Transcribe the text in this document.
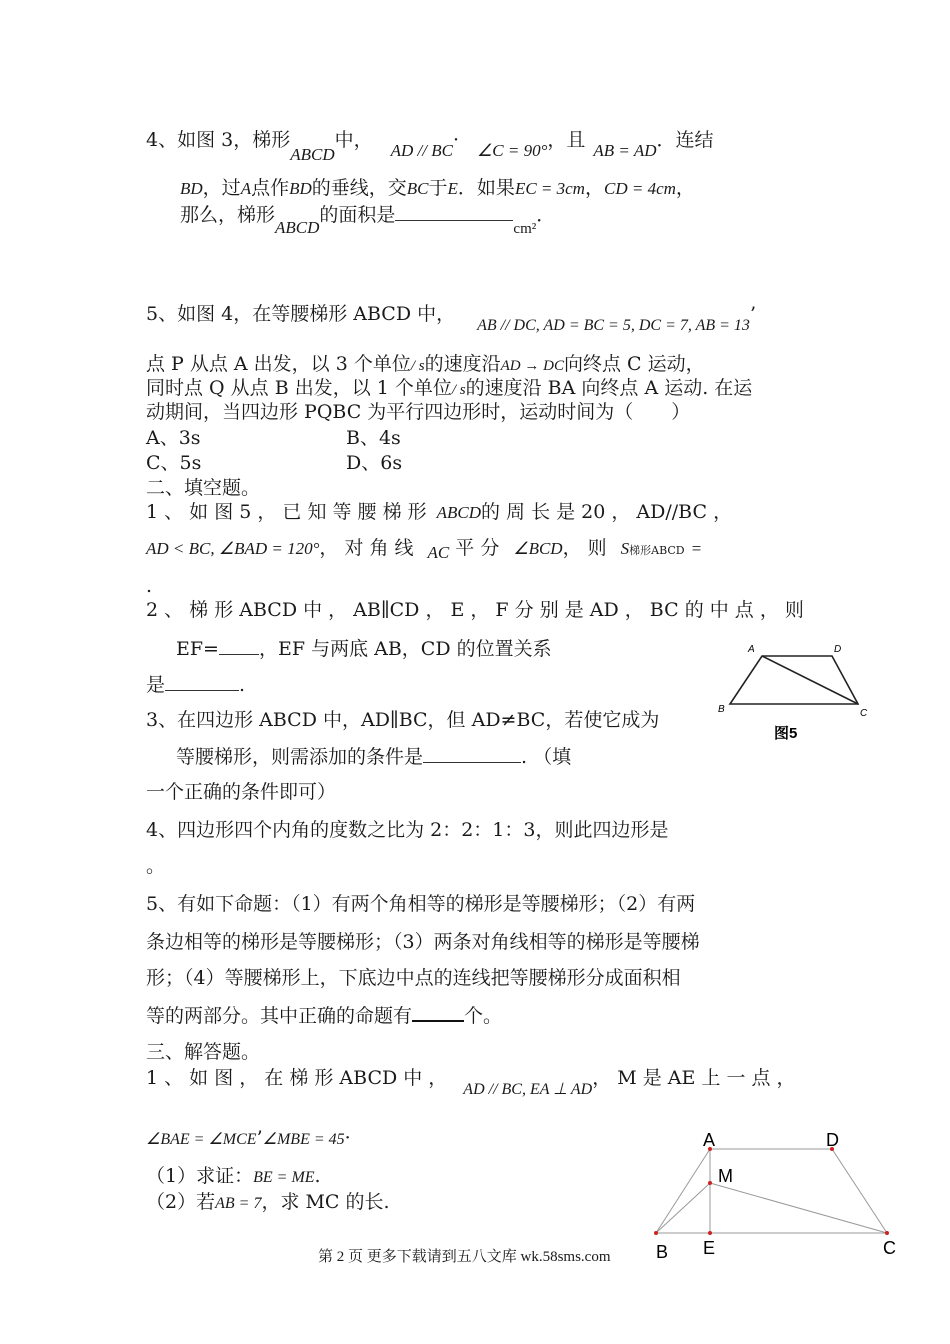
4、如图 3，梯形ABCD中， AD // BC· ∠C = 90°，且 AB = AD．连结
BD，过A点作BD的垂线，交BC于E．如果EC = 3cm，CD = 4cm，
那么，梯形ABCD的面积是$_{cm^2}$．
5、如图 4，在等腰梯形 ABCD 中，$_{AB // DC, AD = BC = 5, DC = 7, AB = 13}$’
点 P 从点 A 出发，以 3 个单位/ s的速度沿AD → DC向终点 C 运动，
同时点 Q 从点 B 出发，以 1 个单位/ s的速度沿 BA 向终点 A 运动. 在运
动期间，当四边形 PQBC 为平行四边形时，运动时间为（　　）
A、3s	B、4s
C、5s	D、6s
二、填空题。
1 、 如 图 5 ， 已 知 等 腰 梯 形 ABCD的 周 长 是 20 ， AD//BC ，
AD < BC, ∠BAD = 120°， 对 角 线 AC 平 分 ∠BCD， 则 S梯形ABCD =
.
2 、 梯 形 ABCD 中 ， AB∥CD ， E ， F 分 别 是 AD ， BC 的 中 点 ， 则
EF= ，EF 与两底 AB，CD 的位置关系
是	.
3、在四边形 ABCD 中，AD∥BC，但 AD≠BC，若使它成为
等腰梯形，则需添加的条件是	. （填
一个正确的条件即可）
4、四边形四个内角的度数之比为 2：2：1：3，则此四边形是
。
5、有如下命题：（1）有两个角相等的梯形是等腰梯形；（2）有两
条边相等的梯形是等腰梯形；（3）两条对角线相等的梯形是等腰梯
形；（4）等腰梯形上，下底边中点的连线把等腰梯形分成面积相
等的两部分。其中正确的命题有	个。
三、解答题。
1 、 如 图 ， 在 梯 形 ABCD 中 ，$_{AD // BC, EA \perp AD}$， M 是 AE 上 一 点 ，
∠BAE = ∠MCE’∠MBE = 45·
（1）求证：BE = ME.
（2）若AB = 7，求 MC 的长.
A	D
B	C
图5
A	D
M
B E	C
第 2 页 更多下载请到五八文库 wk.58sms.com
